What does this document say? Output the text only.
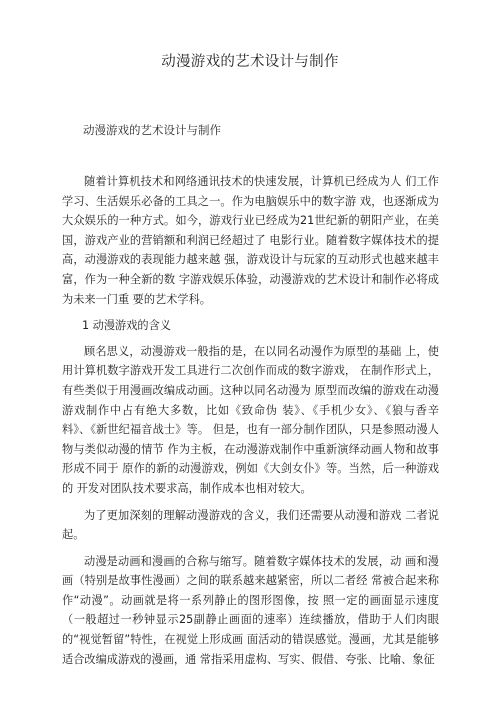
动漫游戏的艺术设计与制作
动漫游戏的艺术设计与制作

随着计算机技术和网络通讯技术的快速发展，计算机已经成为人 们工作学习、生活娱乐必备的工具之一。作为电脑娱乐中的数字游 戏，也逐渐成为大众娱乐的一种方式。如今，游戏行业已经成为21世纪新的朝阳产业，在美国，游戏产业的营销额和利润已经超过了 电影行业。随着数字媒体技术的提高，动漫游戏的表现能力越来越 强，游戏设计与玩家的互动形式也越来越丰富，作为一种全新的数 字游戏娱乐体验，动漫游戏的艺术设计和制作必将成为未来一门重 要的艺术学科。

1 动漫游戏的含义

顾名思义，动漫游戏一般指的是，在以同名动漫作为原型的基础 上，使用计算机数字游戏开发工具进行二次创作而成的数字游戏， 在制作形式上，有些类似于用漫画改编成动画。这种以同名动漫为 原型而改编的游戏在动漫游戏制作中占有绝大多数，比如《致命伪 装》、《手机少女》、《狼与香辛料》、《新世纪福音战士》等。 但是，也有一部分制作团队，只是参照动漫人物与类似动漫的情节 作为主板，在动漫游戏制作中重新演绎动画人物和故事形成不同于 原作的新的动漫游戏，例如《大剑女仆》等。当然，后一种游戏的 开发对团队技术要求高，制作成本也相对较大。

为了更加深刻的理解动漫游戏的含义，我们还需要从动漫和游戏 二者说起。

动漫是动画和漫画的合称与缩写。随着数字媒体技术的发展，动 画和漫画（特别是故事性漫画）之间的联系越来越紧密，所以二者经 常被合起来称作“动漫”。动画就是将一系列静止的图形图像，按 照一定的画面显示速度（一般超过一秒钟显示25副静止画面的速率）连续播放，借助于人们肉眼的“视觉暂留”特性，在视觉上形成画 面活动的错误感觉。漫画，尤其是能够适合改编成游戏的漫画，通 常指采用虚构、写实、假借、夸张、比喻、象征
